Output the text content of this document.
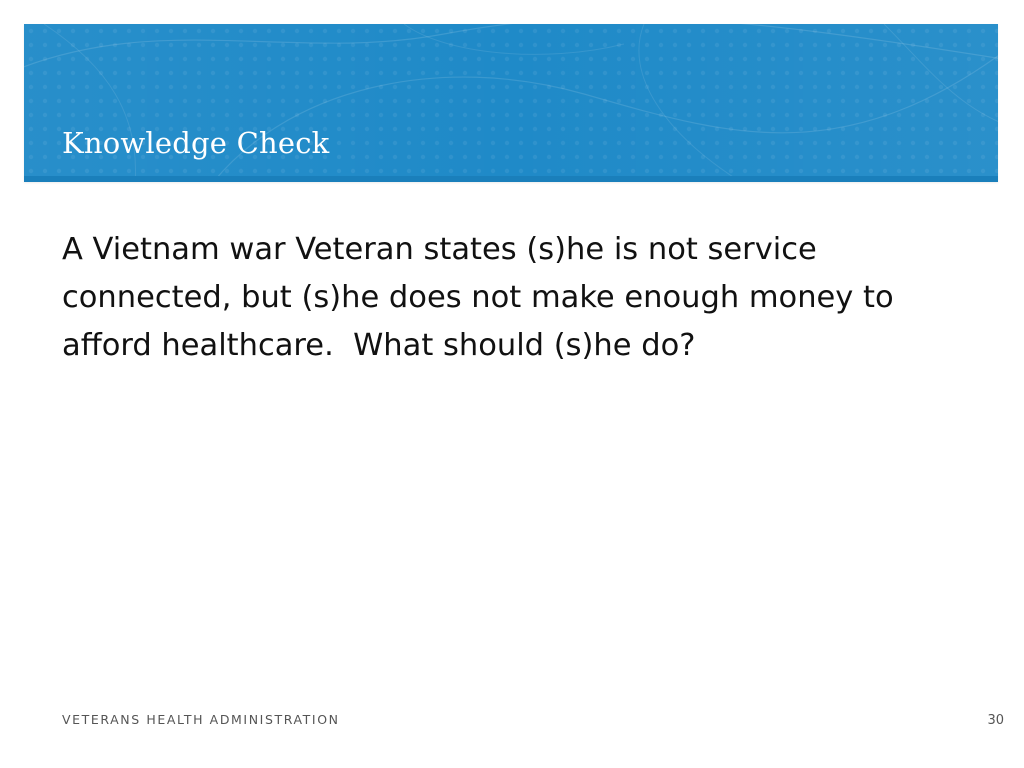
Knowledge Check

A Vietnam war Veteran states (s)he is not service connected, but (s)he does not make enough money to afford healthcare.  What should (s)he do?

VETERANS HEALTH ADMINISTRATION	30
